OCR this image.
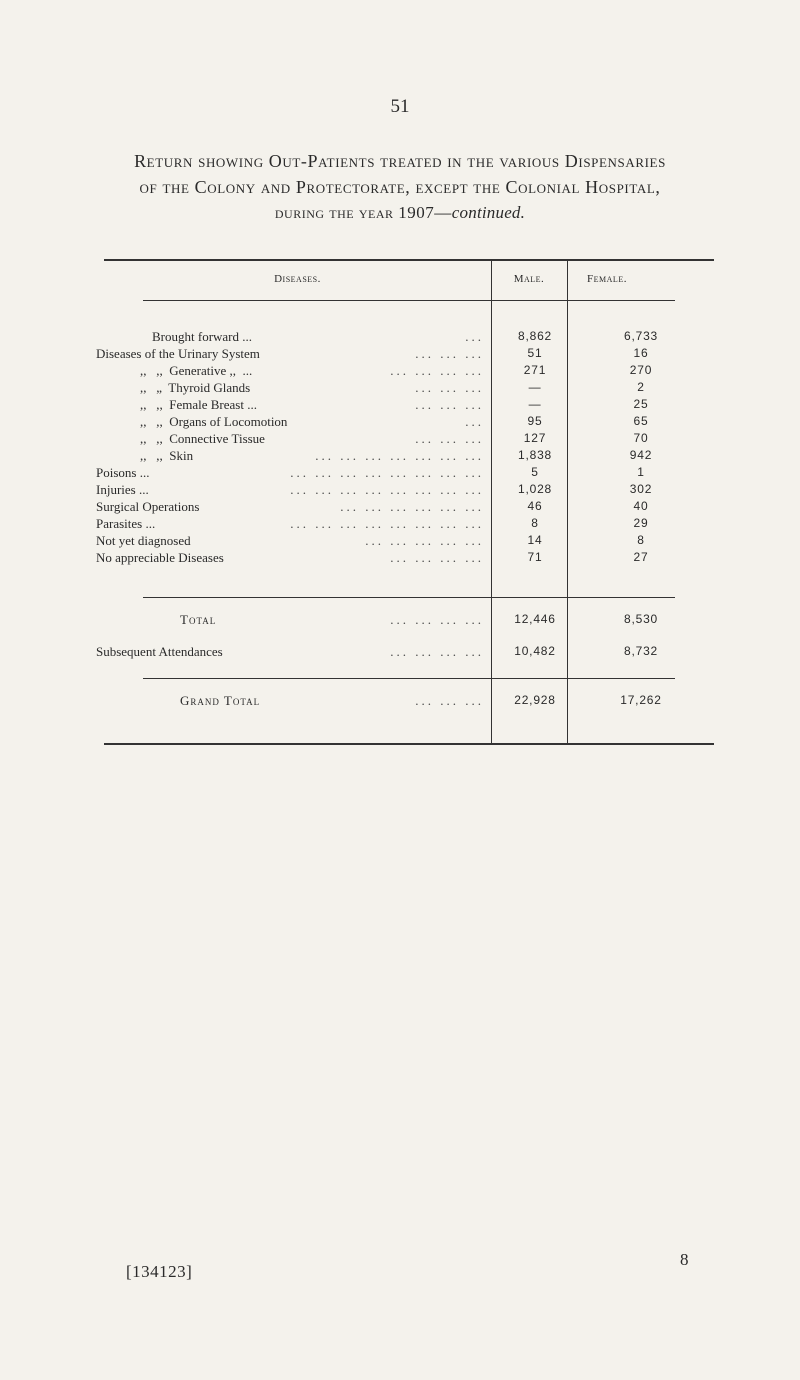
51
Return showing Out-Patients treated in the various Dispensaries
of the Colony and Protectorate, except the Colonial Hospital,
during the year 1907—continued.
Diseases.	Male.	Female.
Brought forward ...	...	8,862	6,733
Diseases of the Urinary System	... ... ...	51	16
,,   ,,  Generative ,,  ...	... ... ... ...	271	270
,,   „  Thyroid Glands	... ... ...	—	2
,,   ,,  Female Breast ...	... ... ...	—	25
,,   ,,  Organs of Locomotion	...	95	65
,,   ,,  Connective Tissue	... ... ...	127	70
,,   ,,  Skin	... ... ... ... ... ... ...	1,838	942
Poisons ...	... ... ... ... ... ... ... ...	5	1
Injuries ...	... ... ... ... ... ... ... ...	1,028	302
Surgical Operations	... ... ... ... ... ...	46	40
Parasites ...	... ... ... ... ... ... ... ...	8	29
Not yet diagnosed	... ... ... ... ...	14	8
No appreciable Diseases	... ... ... ...	71	27
Total	... ... ... ...	12,446	8,530
Subsequent Attendances	... ... ... ...	10,482	8,732
Grand Total	... ... ...	22,928	17,262
[134123]
8
